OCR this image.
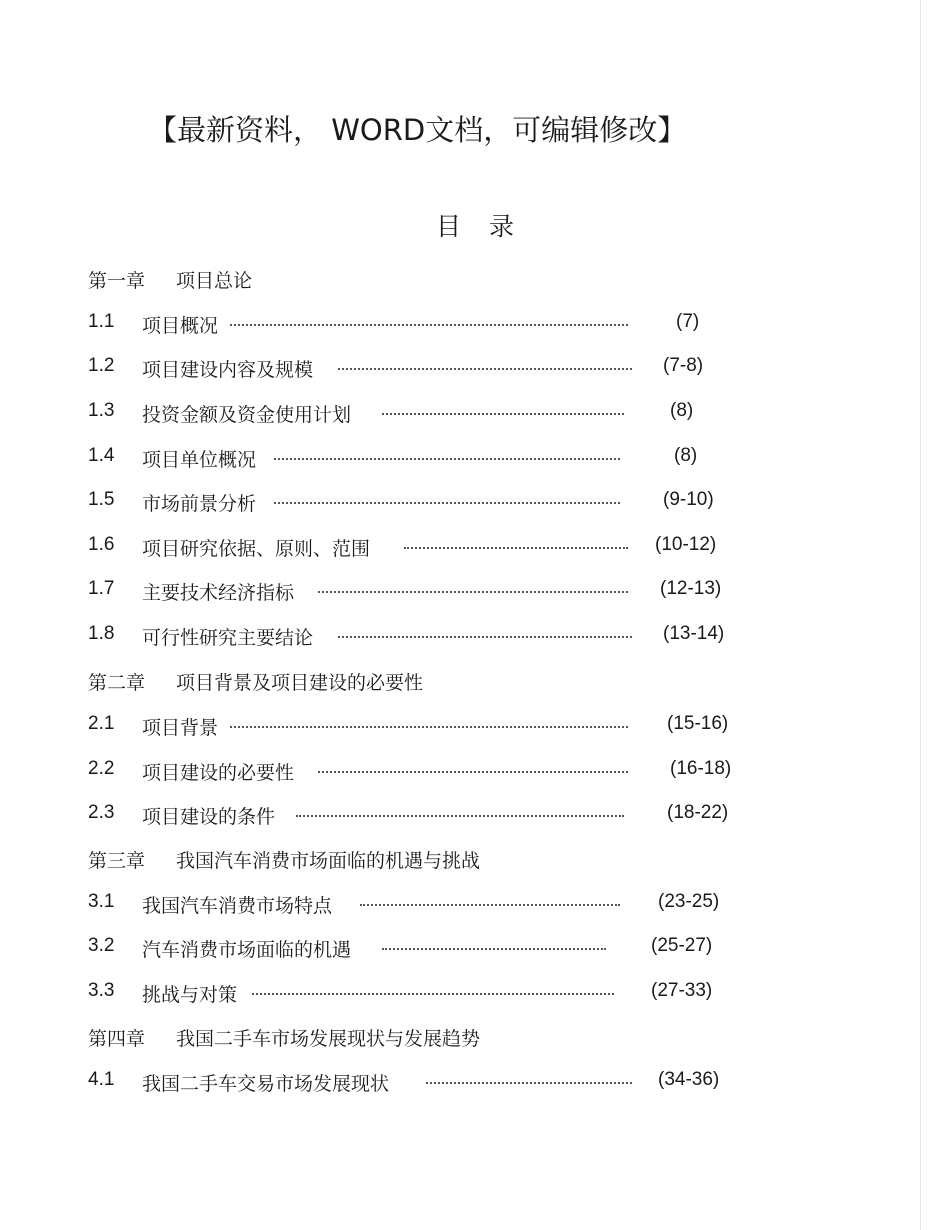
【最新资料， WORD文档，可编辑修改】
目录
第一章 项目总论
1.1 项目概况	(7)
1.2 项目建设内容及规模	(7-8)
1.3 投资金额及资金使用计划	(8)
1.4 项目单位概况	(8)
1.5 市场前景分析	(9-10)
1.6 项目研究依据、原则、范围	(10-12)
1.7 主要技术经济指标	(12-13)
1.8 可行性研究主要结论	(13-14)
第二章 项目背景及项目建设的必要性
2.1 项目背景	(15-16)
2.2 项目建设的必要性	(16-18)
2.3 项目建设的条件	(18-22)
第三章 我国汽车消费市场面临的机遇与挑战
3.1 我国汽车消费市场特点	(23-25)
3.2 汽车消费市场面临的机遇	(25-27)
3.3 挑战与对策	(27-33)
第四章 我国二手车市场发展现状与发展趋势
4.1 我国二手车交易市场发展现状	(34-36)
